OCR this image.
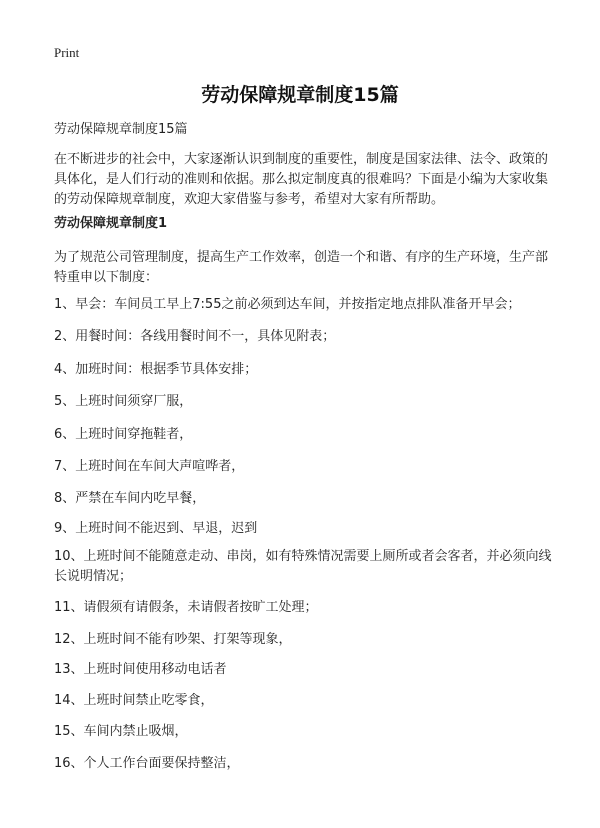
Print
劳动保障规章制度15篇
劳动保障规章制度15篇
在不断进步的社会中，大家逐渐认识到制度的重要性，制度是国家法律、法令、政策的具体化，是人们行动的准则和依据。那么拟定制度真的很难吗？下面是小编为大家收集的劳动保障规章制度，欢迎大家借鉴与参考，希望对大家有所帮助。
劳动保障规章制度1
为了规范公司管理制度，提高生产工作效率，创造一个和谐、有序的生产环境，生产部特重申以下制度：
1、早会：车间员工早上7:55之前必须到达车间，并按指定地点排队准备开早会；
2、用餐时间：各线用餐时间不一，具体见附表；
4、加班时间：根据季节具体安排；
5、上班时间须穿厂服，
6、上班时间穿拖鞋者，
7、上班时间在车间大声喧哗者，
8、严禁在车间内吃早餐，
9、上班时间不能迟到、早退，迟到
10、上班时间不能随意走动、串岗，如有特殊情况需要上厕所或者会客者，并必须向线长说明情况；
11、请假须有请假条，未请假者按旷工处理；
12、上班时间不能有吵架、打架等现象，
13、上班时间使用移动电话者
14、上班时间禁止吃零食，
15、车间内禁止吸烟，
16、个人工作台面要保持整洁，
